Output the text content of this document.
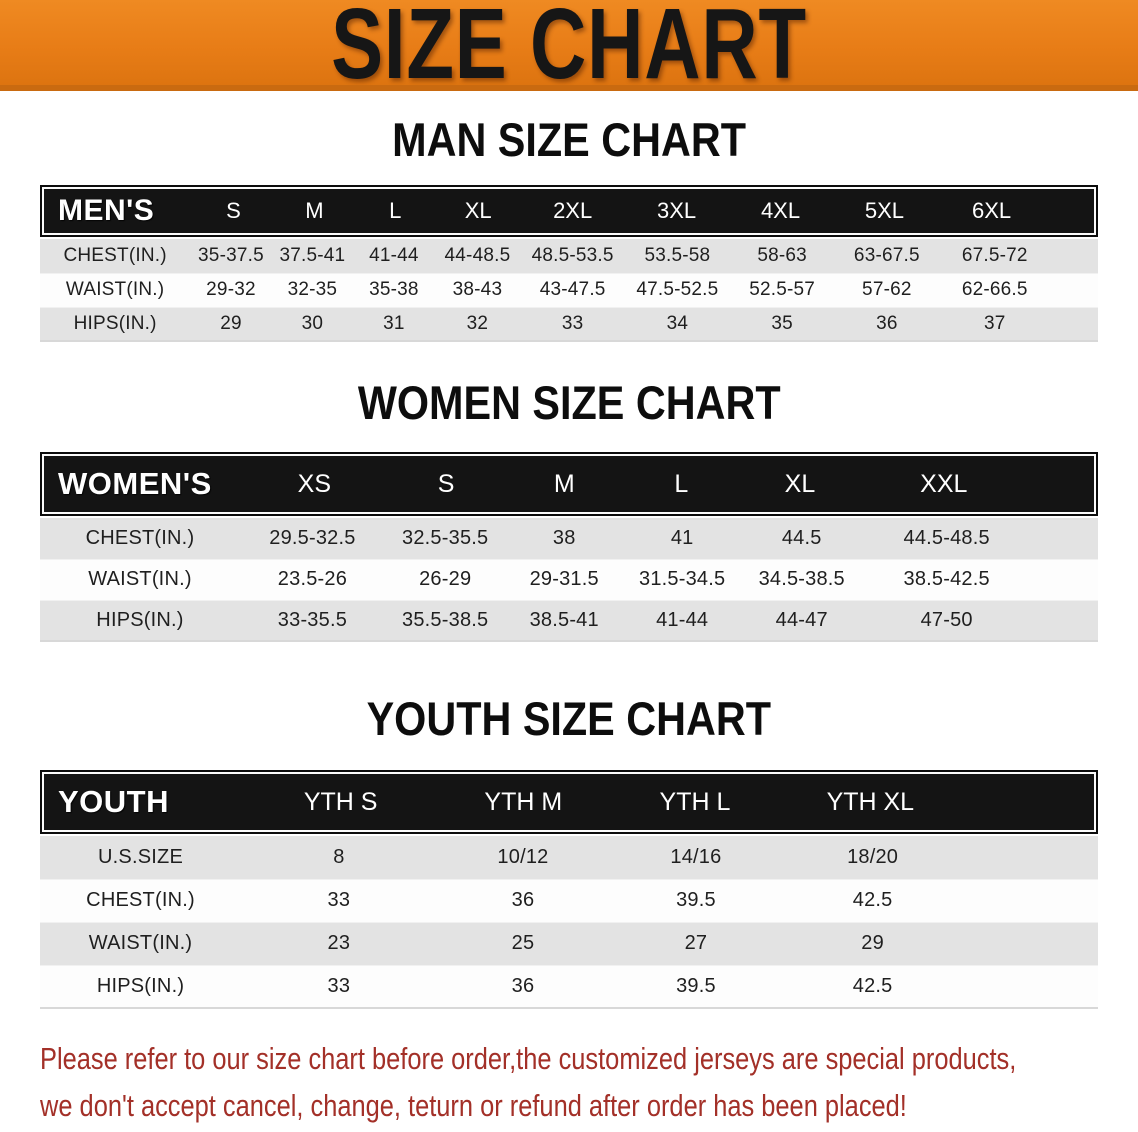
SIZE CHART
MAN SIZE CHART
MEN'S	S	M	L	XL	2XL	3XL	4XL	5XL	6XL
CHEST(IN.)	35-37.5	37.5-41	41-44	44-48.5	48.5-53.5	53.5-58	58-63	63-67.5	67.5-72	
WAIST(IN.)	29-32	32-35	35-38	38-43	43-47.5	47.5-52.5	52.5-57	57-62	62-66.5	
HIPS(IN.)	29	30	31	32	33	34	35	36	37	
WOMEN SIZE CHART
WOMEN'S	XS	S	M	L	XL	XXL
CHEST(IN.)	29.5-32.5	32.5-35.5	38	41	44.5	44.5-48.5	
WAIST(IN.)	23.5-26	26-29	29-31.5	31.5-34.5	34.5-38.5	38.5-42.5	
HIPS(IN.)	33-35.5	35.5-38.5	38.5-41	41-44	44-47	47-50	
YOUTH SIZE CHART
YOUTH	YTH S	YTH M	YTH L	YTH XL
U.S.SIZE	8	10/12	14/16	18/20	
CHEST(IN.)	33	36	39.5	42.5	
WAIST(IN.)	23	25	27	29	
HIPS(IN.)	33	36	39.5	42.5	
Please refer to our size chart before order,the customized jerseys are special products,
we don't accept cancel, change, teturn or refund after order has been placed!
